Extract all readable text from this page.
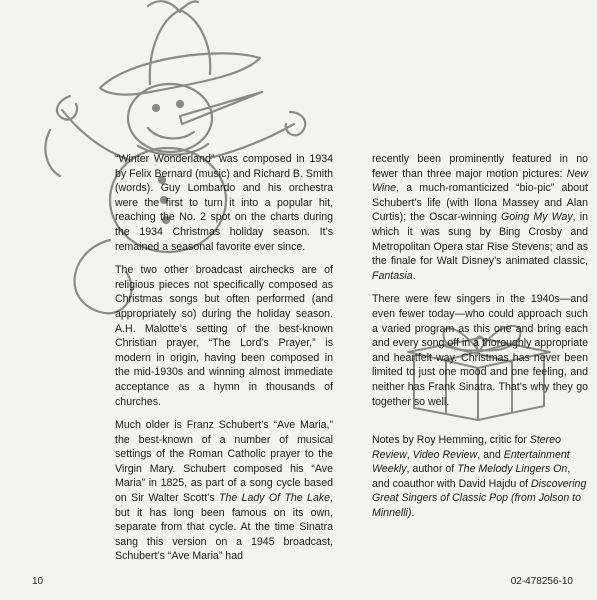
“Winter Wonderland” was composed in 1934 by Felix Bernard (music) and Richard B. Smith (words). Guy Lombardo and his orchestra were the first to turn it into a popular hit, reaching the No. 2 spot on the charts during the 1934 Christmas holiday season. It’s remained a seasonal favorite ever since.

The two other broadcast airchecks are of religious pieces not specifically composed as Christmas songs but often performed (and appropriately so) during the holiday season. A.H. Malotte’s setting of the best-known Christian prayer, “The Lord’s Prayer,” is modern in origin, having been composed in the mid-1930s and winning almost immediate acceptance as a hymn in thousands of churches.

Much older is Franz Schubert’s “Ave Maria,” the best-known of a number of musical settings of the Roman Catholic prayer to the Virgin Mary. Schubert composed his “Ave Maria” in 1825, as part of a song cycle based on Sir Walter Scott’s The Lady Of The Lake, but it has long been famous on its own, separate from that cycle. At the time Sinatra sang this version on a 1945 broadcast, Schubert’s “Ave Maria” had

recently been prominently featured in no fewer than three major motion pictures: New Wine, a much-romanticized “bio-pic” about Schubert’s life (with Ilona Massey and Alan Curtis); the Oscar-winning Going My Way, in which it was sung by Bing Crosby and Metropolitan Opera star Rise Stevens; and as the finale for Walt Disney’s animated classic, Fantasia.

There were few singers in the 1940s—and even fewer today—who could approach such a varied program as this one and bring each and every song off in a thoroughly appropriate and heartfelt way. Christmas has never been limited to just one mood and one feeling, and neither has Frank Sinatra. That’s why they go together so well.

Notes by Roy Hemming, critic for Stereo Review, Video Review, and Entertainment Weekly, author of The Melody Lingers On, and coauthor with David Hajdu of Discovering Great Singers of Classic Pop (from Jolson to Minnelli).

10	02-478256-10
